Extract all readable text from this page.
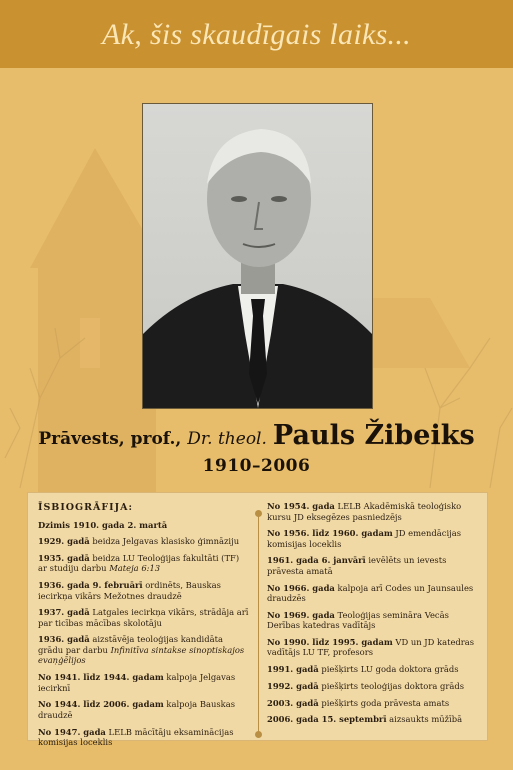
Ak, šis skaudīgais laiks...
Prāvests, prof., Dr. theol. Pauls Žibeiks
1910–2006
ĪSBIOGRĀFIJA:
Dzimis 1910. gada 2. martā
1929. gadā beidza Jelgavas klasisko ģimnāziju
1935. gadā beidza LU Teoloģijas fakultāti (TF) ar studiju darbu Mateja 6:13
1936. gada 9. februārī ordinēts, Bauskas iecirkņa vikārs Mežotnes draudzē
1937. gadā Latgales iecirkņa vikārs, strādāja arī par ticības mācības skolotāju
1936. gadā aizstāvēja teoloģijas kandidāta grādu par darbu Infinitīva sintakse sinoptiskajos evaņģēlijos
No 1941. līdz 1944. gadam kalpoja Jelgavas iecirknī
No 1944. līdz 2006. gadam kalpoja Bauskas draudzē
No 1947. gada LELB mācītāju eksaminācijas komisijas loceklis
No 1954. gada LELB Akadēmiskā teoloģisko kursu JD eksegēzes pasniedzējs
No 1956. līdz 1960. gadam JD emendācijas komisijas loceklis
1961. gada 6. janvārī ievēlēts un ievests prāvesta amatā
No 1966. gada kalpoja arī Codes un Jaunsaules draudzēs
No 1969. gada Teoloģijas semināra Vecās Derības katedras vadītājs
No 1990. līdz 1995. gadam VD un JD katedras vadītājs LU TF, profesors
1991. gadā piešķirts LU goda doktora grāds
1992. gadā piešķirts teoloģijas doktora grāds
2003. gadā piešķirts goda prāvesta amats
2006. gada 15. septembrī aizsaukts mūžībā
